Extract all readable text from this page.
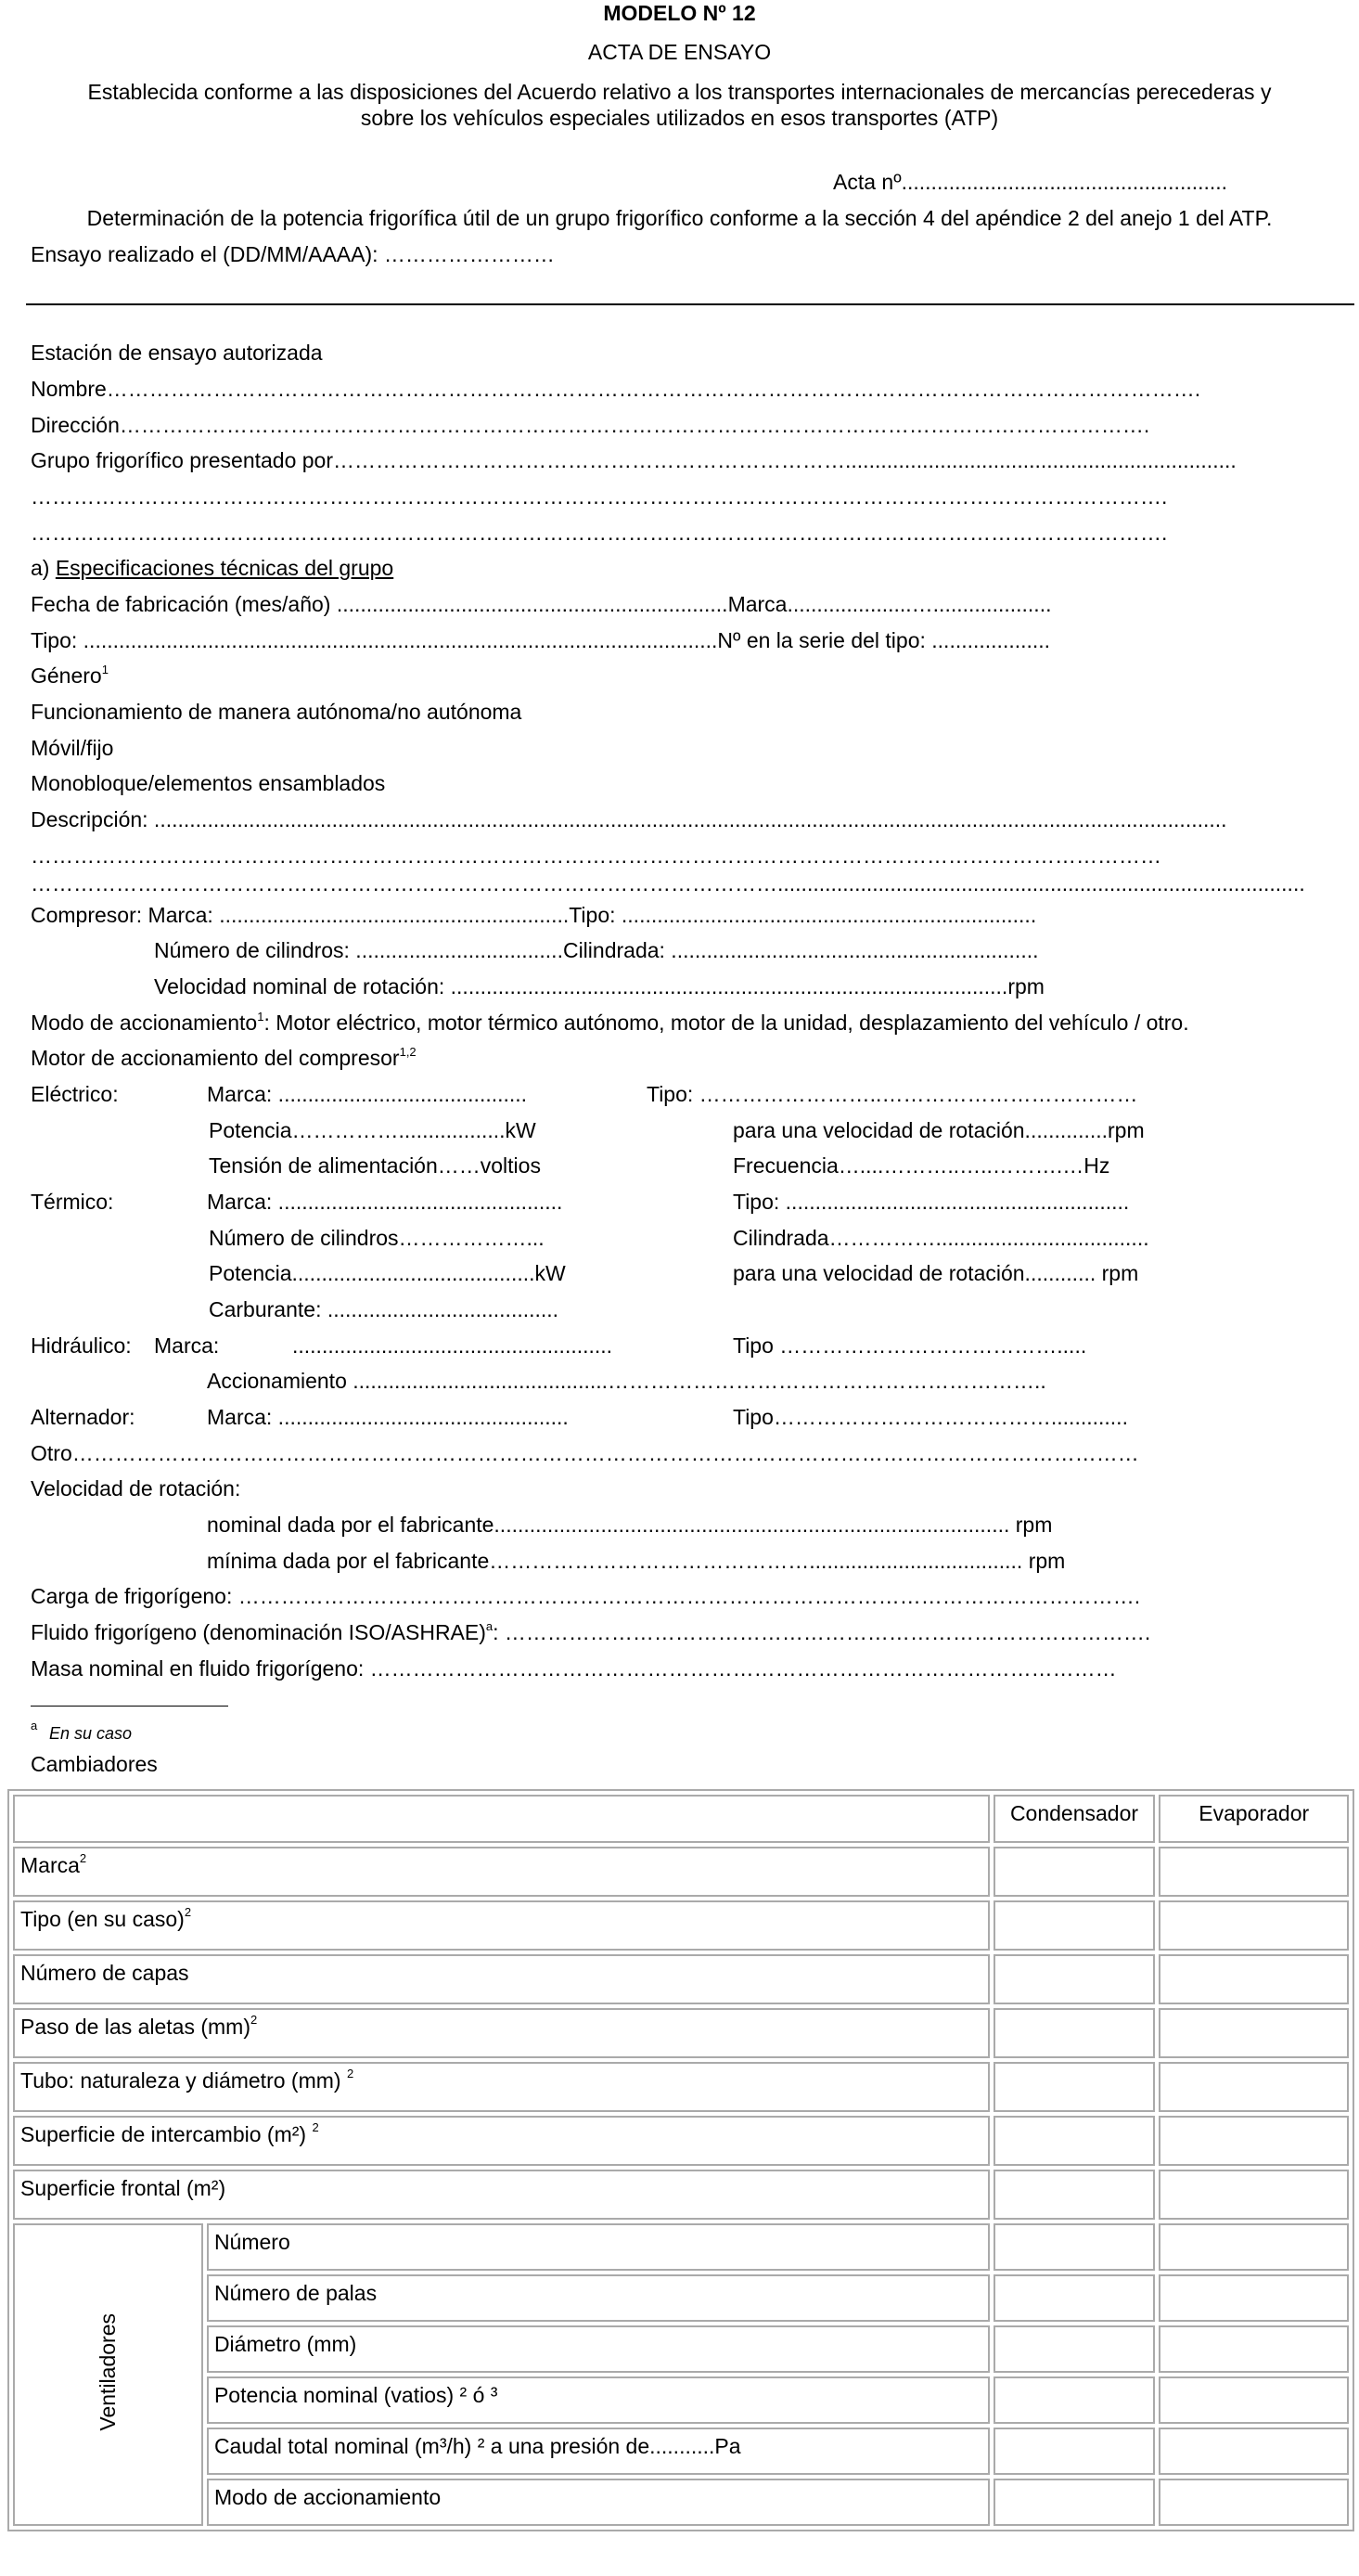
MODELO Nº 12
ACTA DE ENSAYO
Establecida conforme a las disposiciones del Acuerdo relativo a los transportes internacionales de mercancías perecederas y
sobre los vehículos especiales utilizados en esos transportes (ATP)
Acta nº.......................................................
Determinación de la potencia frigorífica útil de un grupo frigorífico conforme a la sección 4 del apéndice 2 del anejo 1 del ATP.
Ensayo realizado el (DD/MM/AAAA): ……………………
Estación de ensayo autorizada
Nombre……………………………………………………………………………………………………………………………………….
Dirección……………………………………………………………………………………………………………………………….
Grupo frigorífico presentado por………………………………………………………………..................................................................
…………………………………………………………………………………………………………………………………………….
…………………………………………………………………………………………………………………………………………….
a) Especificaciones técnicas del grupo
Fecha de fabricación (mes/año) ..................................................................Marca.....................…....................
Tipo: ...........................................................................................................Nº en la serie del tipo: ....................
Género$^1$
Funcionamiento de manera autónoma/no autónoma
Móvil/fijo
Monobloque/elementos ensamblados
Descripción: .....................................................................................................................................................................................
……………………………………………………………………………………………………………………………………………
…………………………………………………………………………………………….........................................................................................
Compresor: Marca: ...........................................................Tipo: ......................................................................
Número de cilindros: ...................................Cilindrada: ..............................................................
Velocidad nominal de rotación: ..............................................................................................rpm
Modo de accionamiento$^1$: Motor eléctrico, motor térmico autónomo, motor de la unidad, desplazamiento del vehículo / otro.
Motor de accionamiento del compresor$^{1,2}$
Eléctrico:	Marca: ..........................................	Tipo: ……………………..………………………………
Potencia……………..................kW	para una velocidad de rotación..............rpm
Tensión de alimentación……voltios	Frecuencia…....………..…..……….…Hz
Térmico:	Marca: ................................................	Tipo: ..........................................................
Número de cilindros………………...	Cilindrada……………....................................
Potencia.........................................kW	para una velocidad de rotación............ rpm
Carburante: .......................................
Hidráulico: Marca:	......................................................	Tipo ………………………………….....
Accionamiento ...........................................……………………………………………………..
Alternador:	Marca: .................................................	Tipo………………………………….............
Otro……………………………………………………………………………………………………………………………………
Velocidad de rotación:
nominal dada por el fabricante....................................................................................... rpm
mínima dada por el fabricante……………………………………….................................... rpm
Carga de frigorígeno: ……………………………………………………………………………………………………………….
Fluido frigorígeno (denominación ISO/ASHRAE)$^a$: ……………………………………………………………………………….
Masa nominal en fluido frigorígeno: ……………………………………………………………………………………………
$^a$ En su caso
Cambiadores
		Condensador	Evaporador
Marca$^2$		
Tipo (en su caso)$^2$		
Número de capas			
Paso de las aletas (mm)$^2$		
Tubo: naturaleza y diámetro (mm) $^2$		
Superficie de intercambio (m²) $^2$		
Superficie frontal (m²)			
Ventiladores	Número		
	Número de palas		
	Diámetro (mm)		
	Potencia nominal (vatios) ² ó ³		
	Caudal total nominal (m³/h) ² a una presión de...........Pa		
	Modo de accionamiento		
